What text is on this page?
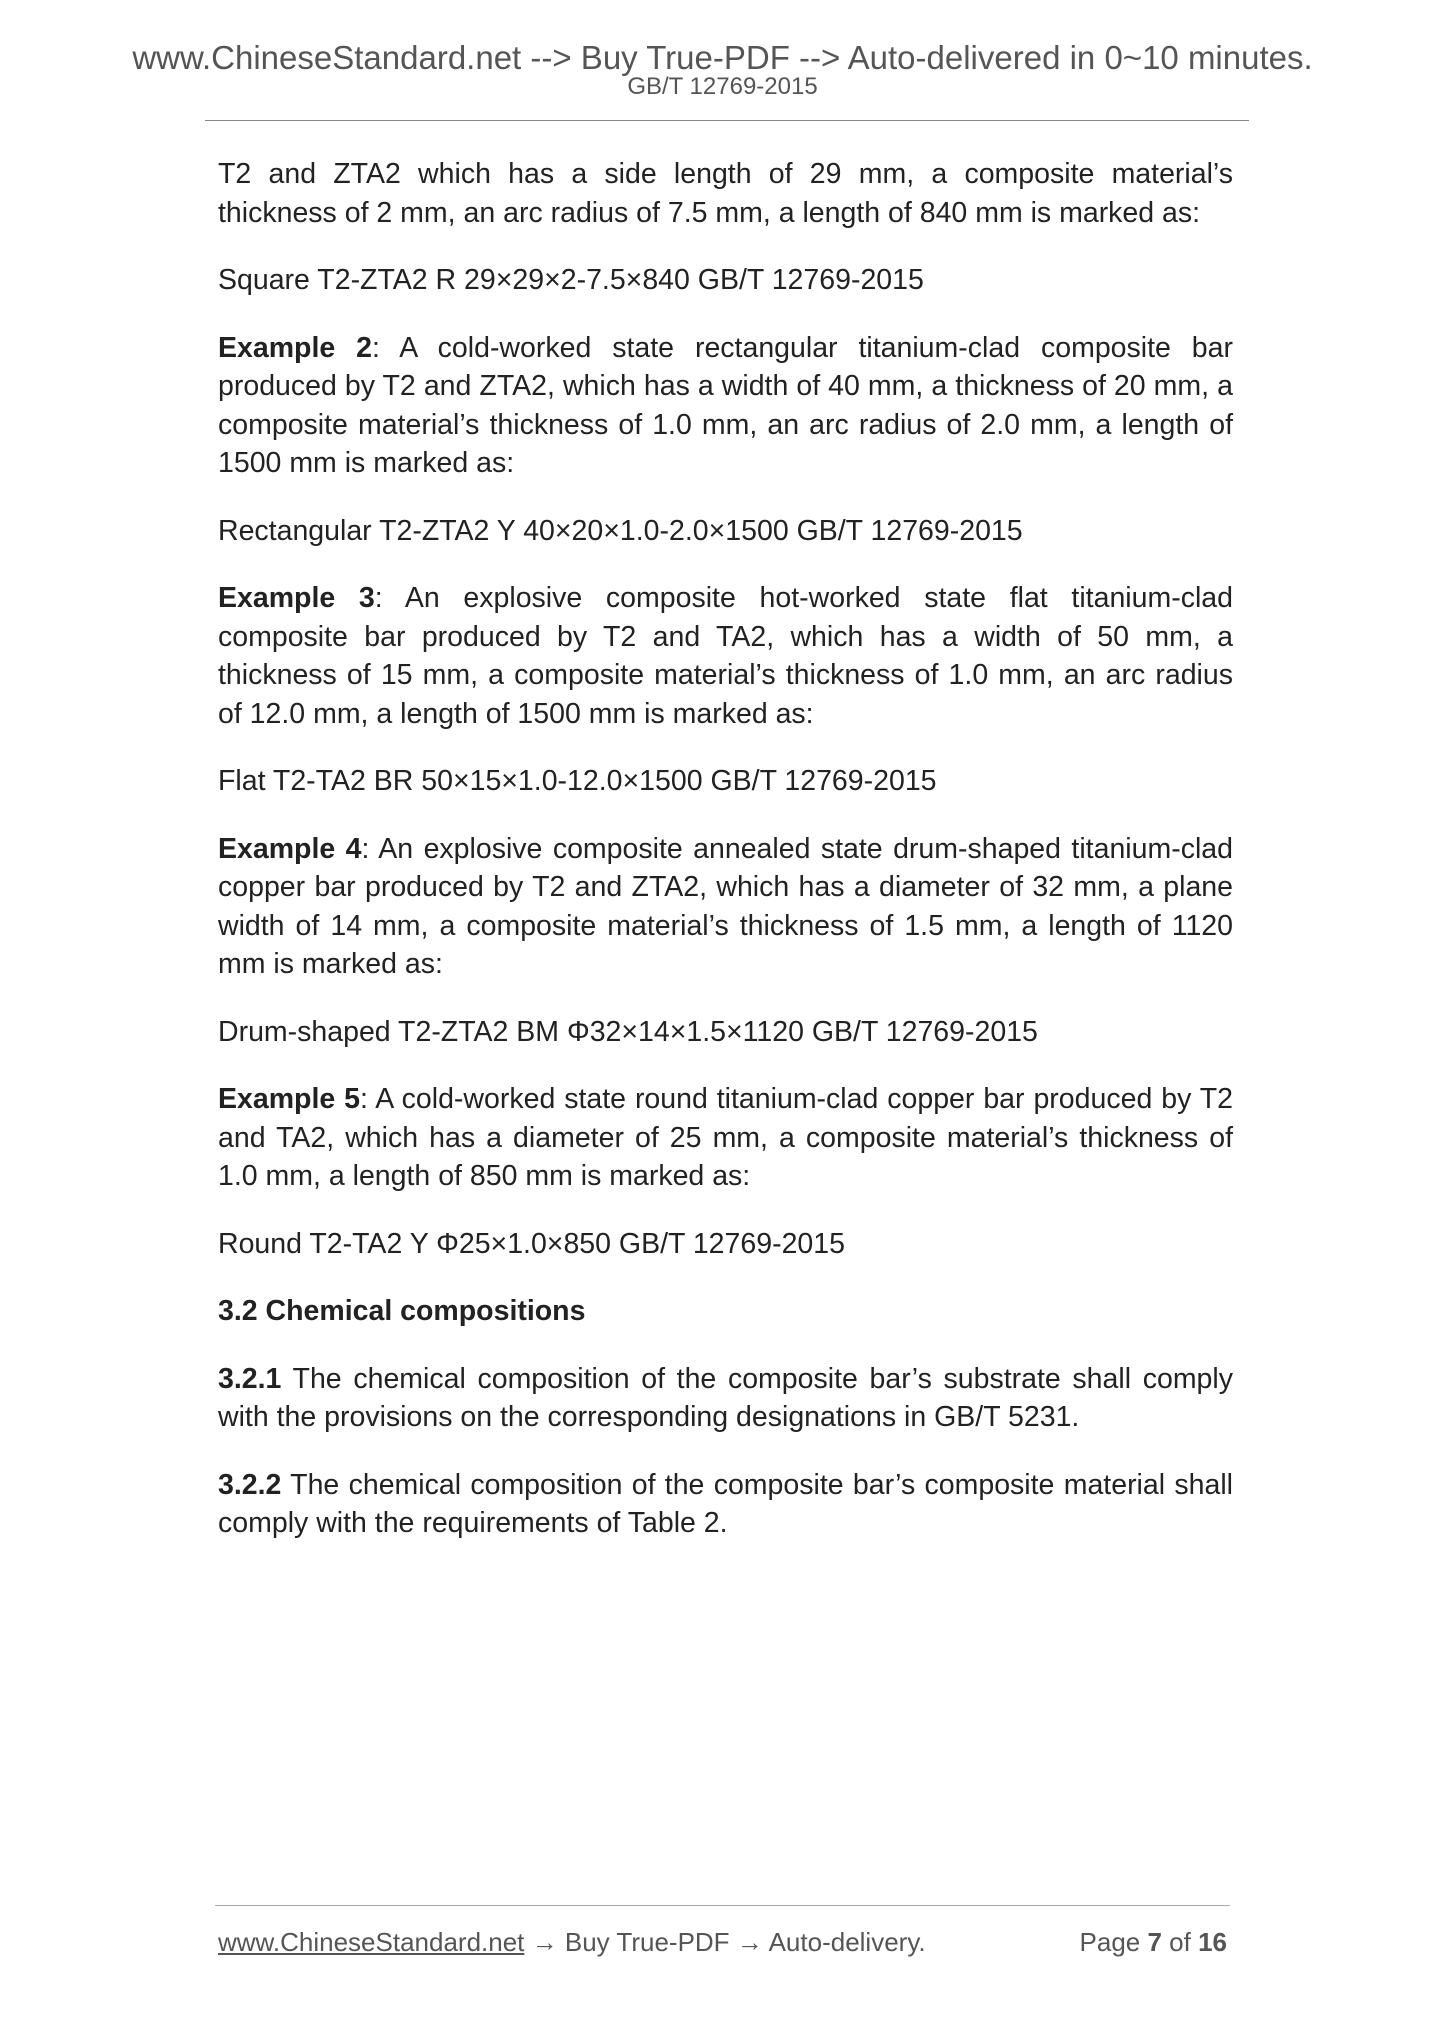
www.ChineseStandard.net --> Buy True-PDF --> Auto-delivered in 0~10 minutes.
GB/T 12769-2015

T2 and ZTA2 which has a side length of 29 mm, a composite material’s thickness of 2 mm, an arc radius of 7.5 mm, a length of 840 mm is marked as:

Square T2-ZTA2 R 29×29×2-7.5×840 GB/T 12769-2015

Example 2: A cold-worked state rectangular titanium-clad composite bar produced by T2 and ZTA2, which has a width of 40 mm, a thickness of 20 mm, a composite material’s thickness of 1.0 mm, an arc radius of 2.0 mm, a length of 1500 mm is marked as:

Rectangular T2-ZTA2 Y 40×20×1.0-2.0×1500 GB/T 12769-2015

Example 3: An explosive composite hot-worked state flat titanium-clad composite bar produced by T2 and TA2, which has a width of 50 mm, a thickness of 15 mm, a composite material’s thickness of 1.0 mm, an arc radius of 12.0 mm, a length of 1500 mm is marked as:

Flat T2-TA2 BR 50×15×1.0-12.0×1500 GB/T 12769-2015

Example 4: An explosive composite annealed state drum-shaped titanium-clad copper bar produced by T2 and ZTA2, which has a diameter of 32 mm, a plane width of 14 mm, a composite material’s thickness of 1.5 mm, a length of 1120 mm is marked as:

Drum-shaped T2-ZTA2 BM Φ32×14×1.5×1120 GB/T 12769-2015

Example 5: A cold-worked state round titanium-clad copper bar produced by T2 and TA2, which has a diameter of 25 mm, a composite material’s thickness of 1.0 mm, a length of 850 mm is marked as:

Round T2-TA2 Y Φ25×1.0×850 GB/T 12769-2015

3.2 Chemical compositions

3.2.1 The chemical composition of the composite bar’s substrate shall comply with the provisions on the corresponding designations in GB/T 5231.

3.2.2 The chemical composition of the composite bar’s composite material shall comply with the requirements of Table 2.

www.ChineseStandard.net → Buy True-PDF → Auto-delivery.	Page 7 of 16
